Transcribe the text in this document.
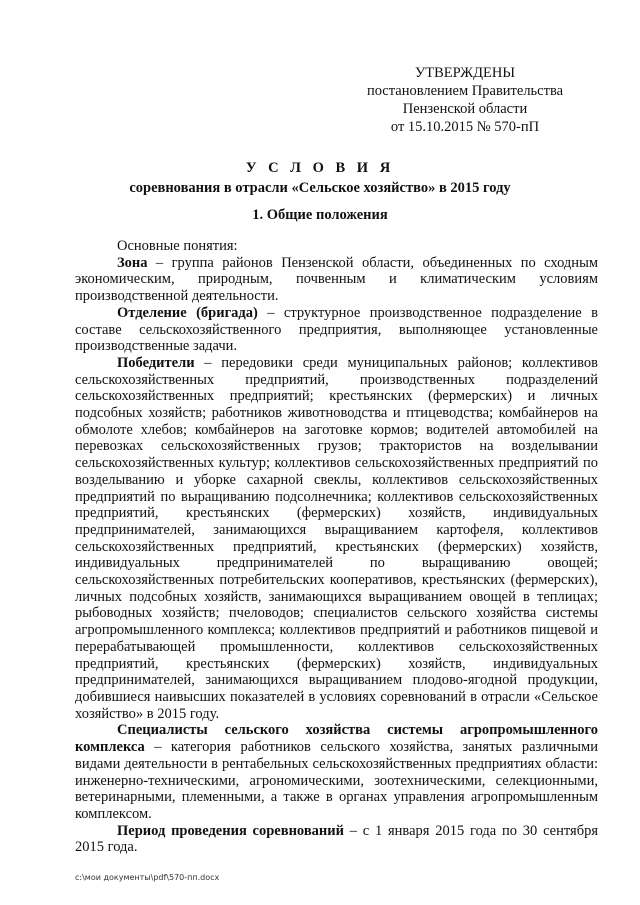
УТВЕРЖДЕНЫ
постановлением Правительства
Пензенской области
от 15.10.2015 № 570-пП
У С Л О В И Я
соревнования в отрасли «Сельское хозяйство» в 2015 году
1. Общие положения

Основные понятия:

Зона – группа районов Пензенской области, объединенных по сходным экономическим, природным, почвенным и климатическим условиям производственной деятельности.

Отделение (бригада) – структурное производственное подразделение в составе сельскохозяйственного предприятия, выполняющее установленные производственные задачи.

Победители – передовики среди муниципальных районов; коллективов сельскохозяйственных предприятий, производственных подразделений сельскохозяйственных предприятий; крестьянских (фермерских) и личных подсобных хозяйств; работников животноводства и птицеводства; комбайнеров на обмолоте хлебов; комбайнеров на заготовке кормов; водителей автомобилей на перевозках сельскохозяйственных грузов; трактористов на возделывании сельскохозяйственных культур; коллективов сельскохозяйственных предприятий по возделыванию и уборке сахарной свеклы, коллективов сельскохозяйственных предприятий по выращиванию подсолнечника; коллективов сельскохозяйственных предприятий, крестьянских (фермерских) хозяйств, индивидуальных предпринимателей, занимающихся выращиванием картофеля, коллективов сельскохозяйственных предприятий, крестьянских (фермерских) хозяйств, индивидуальных предпринимателей по выращиванию овощей; сельскохозяйственных потребительских кооперативов, крестьянских (фермерских), личных подсобных хозяйств, занимающихся выращиванием овощей в теплицах; рыбоводных хозяйств; пчеловодов; специалистов сельского хозяйства системы агропромышленного комплекса; коллективов предприятий и работников пищевой и перерабатывающей промышленности, коллективов сельскохозяйственных предприятий, крестьянских (фермерских) хозяйств, индивидуальных предпринимателей, занимающихся выращиванием плодово-ягодной продукции, добившиеся наивысших показателей в условиях соревнований в отрасли «Сельское хозяйство» в 2015 году.

Специалисты сельского хозяйства системы агропромышленного комплекса – категория работников сельского хозяйства, занятых различными видами деятельности в рентабельных сельскохозяйственных предприятиях области: инженерно-техническими, агрономическими, зоотехническими, селекционными, ветеринарными, племенными, а также в органах управления агропромышленным комплексом.

Период проведения соревнований – с 1 января 2015 года по 30 сентября 2015 года.

c:\мои документы\pdf\570-пп.docx
